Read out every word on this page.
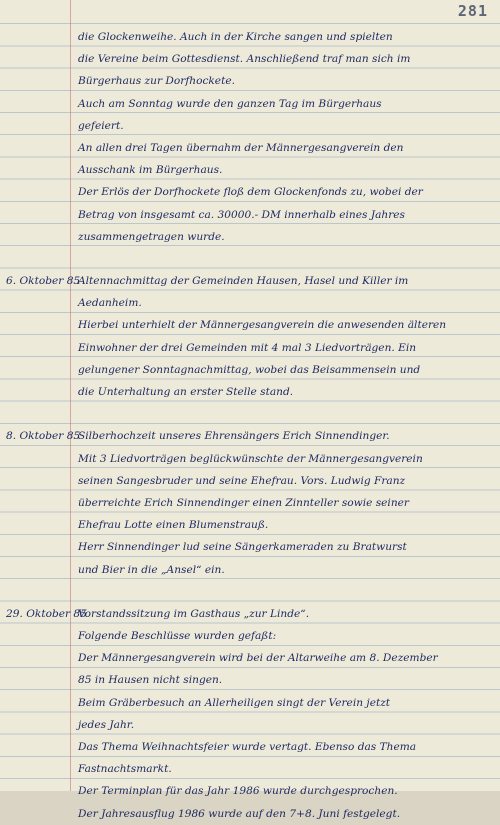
281
die Glockenweihe. Auch in der Kirche sangen und spielten
die Vereine beim Gottesdienst. Anschließend traf man sich im
Bürgerhaus zur Dorfhockete.
Auch am Sonntag wurde den ganzen Tag im Bürgerhaus
gefeiert.
An allen drei Tagen übernahm der Männergesangverein den
Ausschank im Bürgerhaus.
Der Erlös der Dorfhockete floß dem Glockenfonds zu, wobei der
Betrag von insgesamt ca. 30000.- DM innerhalb eines Jahres
zusammengetragen wurde.
6. Oktober 85
Altennachmittag der Gemeinden Hausen, Hasel und Killer im
Aedanheim.
Hierbei unterhielt der Männergesangverein die anwesenden älteren
Einwohner der drei Gemeinden mit 4 mal 3 Liedvorträgen. Ein
gelungener Sonntagnachmittag, wobei das Beisammensein und
die Unterhaltung an erster Stelle stand.
8. Oktober 85
Silberhochzeit unseres Ehrensängers Erich Sinnendinger.
Mit 3 Liedvorträgen beglückwünschte der Männergesangverein
seinen Sangesbruder und seine Ehefrau. Vors. Ludwig Franz
überreichte Erich Sinnendinger einen Zinnteller sowie seiner
Ehefrau Lotte einen Blumenstrauß.
Herr Sinnendinger lud seine Sängerkameraden zu Bratwurst
und Bier in die „Ansel“ ein.
29. Oktober 85
Vorstandssitzung im Gasthaus „zur Linde“.
Folgende Beschlüsse wurden gefaßt:
Der Männergesangverein wird bei der Altarweihe am 8. Dezember
85 in Hausen nicht singen.
Beim Gräberbesuch an Allerheiligen singt der Verein jetzt
jedes Jahr.
Das Thema Weihnachtsfeier wurde vertagt. Ebenso das Thema
Fastnachtsmarkt.
Der Terminplan für das Jahr 1986 wurde durchgesprochen.
Der Jahresausflug 1986 wurde auf den 7+8. Juni festgelegt.
